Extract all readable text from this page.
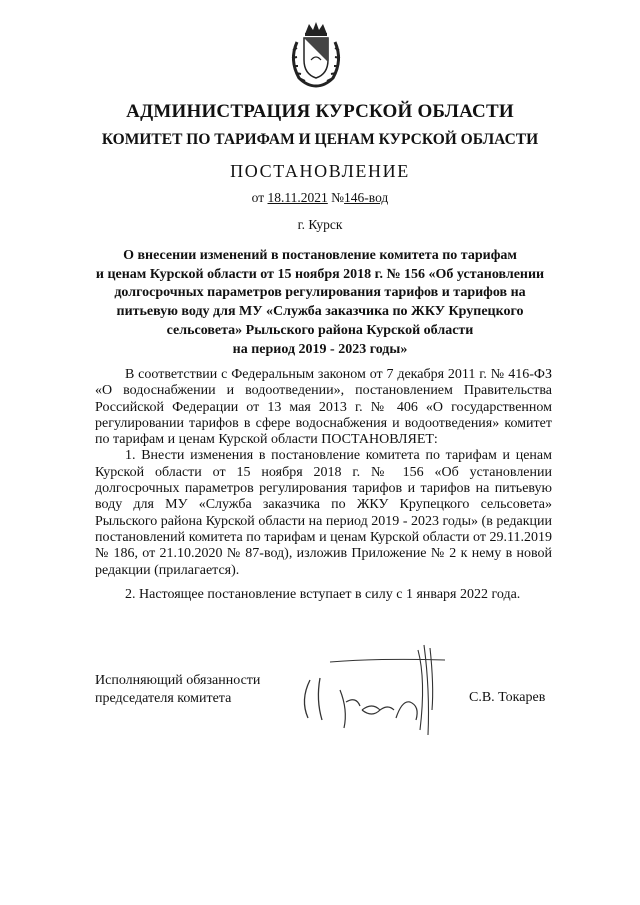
АДМИНИСТРАЦИЯ КУРСКОЙ ОБЛАСТИ
КОМИТЕТ ПО ТАРИФАМ И ЦЕНАМ КУРСКОЙ ОБЛАСТИ
ПОСТАНОВЛЕНИЕ
от 18.11.2021 №146-вод
г. Курск
О внесении изменений в постановление комитета по тарифам
и ценам Курской области от 15 ноября 2018 г. № 156 «Об установлении
долгосрочных параметров регулирования тарифов и тарифов на
питьевую воду для МУ «Служба заказчика по ЖКУ Крупецкого
сельсовета» Рыльского района Курской области
на период 2019 - 2023 годы»

В соответствии с Федеральным законом от 7 декабря 2011 г. № 416-ФЗ «О водоснабжении и водоотведении», постановлением Правительства Российской Федерации от 13 мая 2013 г. № 406 «О государственном регулировании тарифов в сфере водоснабжения и водоотведения» комитет по тарифам и ценам Курской области ПОСТАНОВЛЯЕТ:

1. Внести изменения в постановление комитета по тарифам и ценам Курской области от 15 ноября 2018 г. № 156 «Об установлении долгосрочных параметров регулирования тарифов и тарифов на питьевую воду для МУ «Служба заказчика по ЖКУ Крупецкого сельсовета» Рыльского района Курской области на период 2019 - 2023 годы» (в редакции постановлений комитета по тарифам и ценам Курской области от 29.11.2019 № 186, от 21.10.2020 № 87-вод), изложив Приложение № 2 к нему в новой редакции (прилагается).

2. Настоящее постановление вступает в силу с 1 января 2022 года.

Исполняющий обязанности
председателя комитета	С.В. Токарев
